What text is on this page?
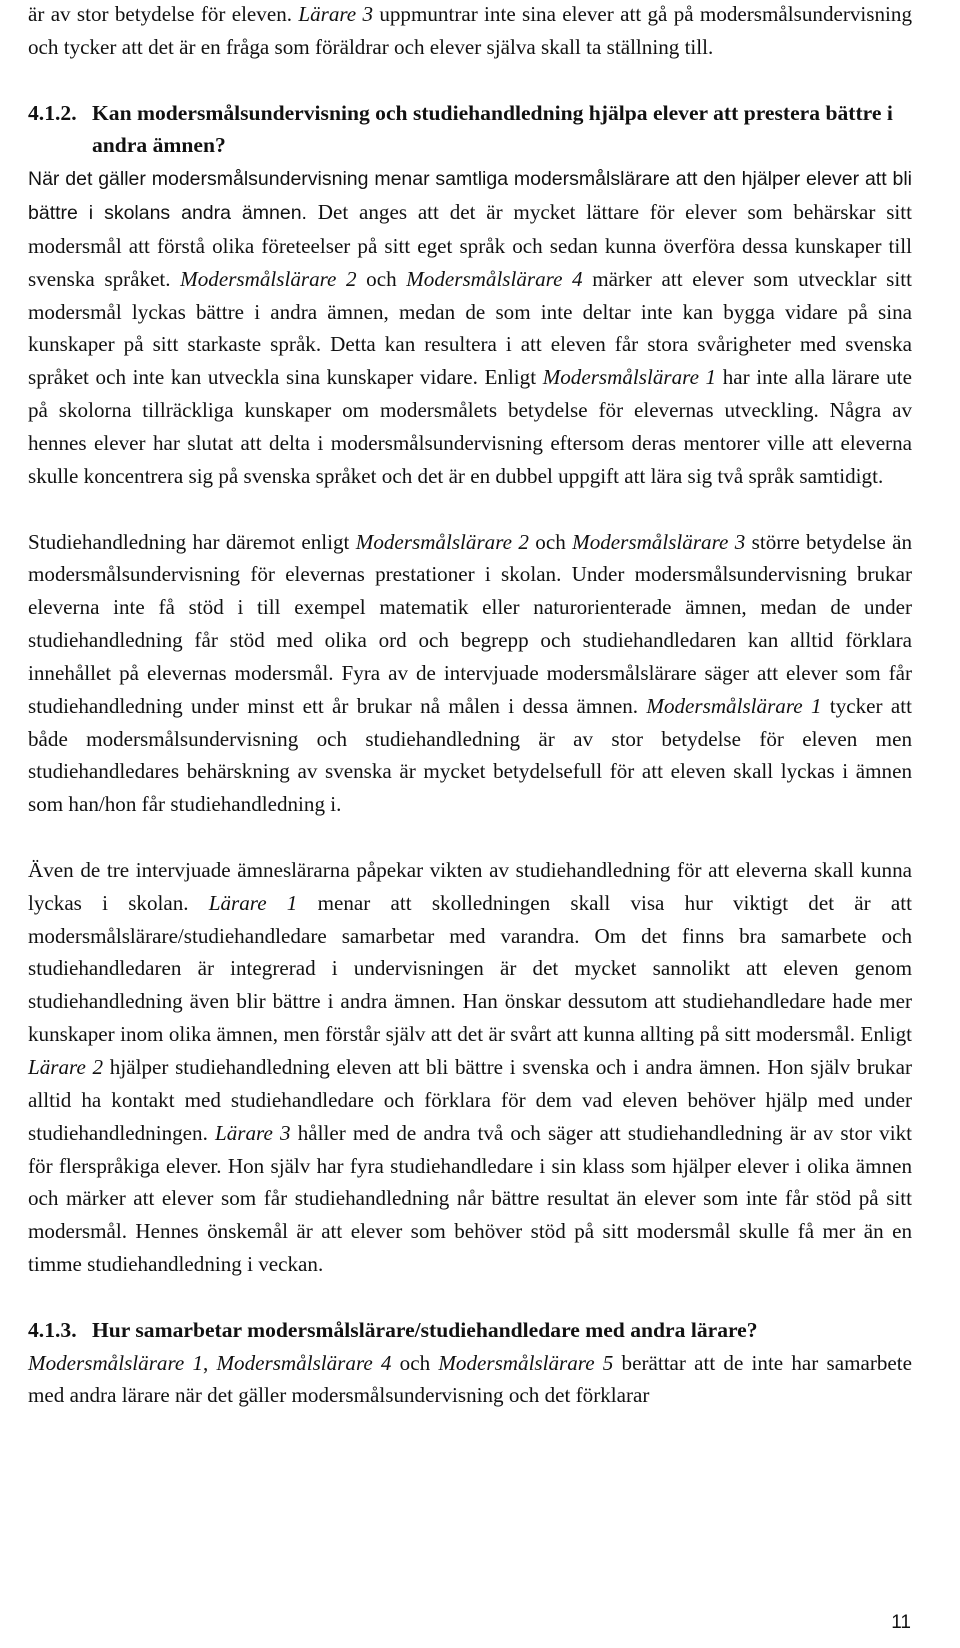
är av stor betydelse för eleven. Lärare 3 uppmuntrar inte sina elever att gå på modersmålsundervisning och tycker att det är en fråga som föräldrar och elever själva skall ta ställning till.

4.1.2. Kan modersmålsundervisning och studiehandledning hjälpa elever att prestera bättre i andra ämnen?

När det gäller modersmålsundervisning menar samtliga modersmålslärare att den hjälper elever att bli bättre i skolans andra ämnen. Det anges att det är mycket lättare för elever som behärskar sitt modersmål att förstå olika företeelser på sitt eget språk och sedan kunna överföra dessa kunskaper till svenska språket. Modersmålslärare 2 och Modersmålslärare 4 märker att elever som utvecklar sitt modersmål lyckas bättre i andra ämnen, medan de som inte deltar inte kan bygga vidare på sina kunskaper på sitt starkaste språk. Detta kan resultera i att eleven får stora svårigheter med svenska språket och inte kan utveckla sina kunskaper vidare. Enligt Modersmålslärare 1 har inte alla lärare ute på skolorna tillräckliga kunskaper om modersmålets betydelse för elevernas utveckling. Några av hennes elever har slutat att delta i modersmålsundervisning eftersom deras mentorer ville att eleverna skulle koncentrera sig på svenska språket och det är en dubbel uppgift att lära sig två språk samtidigt.

Studiehandledning har däremot enligt Modersmålslärare 2 och Modersmålslärare 3 större betydelse än modersmålsundervisning för elevernas prestationer i skolan. Under modersmålsundervisning brukar eleverna inte få stöd i till exempel matematik eller naturorienterade ämnen, medan de under studiehandledning får stöd med olika ord och begrepp och studiehandledaren kan alltid förklara innehållet på elevernas modersmål. Fyra av de intervjuade modersmålslärare säger att elever som får studiehandledning under minst ett år brukar nå målen i dessa ämnen. Modersmålslärare 1 tycker att både modersmålsundervisning och studiehandledning är av stor betydelse för eleven men studiehandledares behärskning av svenska är mycket betydelsefull för att eleven skall lyckas i ämnen som han/hon får studiehandledning i.

Även de tre intervjuade ämneslärarna påpekar vikten av studiehandledning för att eleverna skall kunna lyckas i skolan. Lärare 1 menar att skolledningen skall visa hur viktigt det är att modersmålslärare/studiehandledare samarbetar med varandra. Om det finns bra samarbete och studiehandledaren är integrerad i undervisningen är det mycket sannolikt att eleven genom studiehandledning även blir bättre i andra ämnen. Han önskar dessutom att studiehandledare hade mer kunskaper inom olika ämnen, men förstår själv att det är svårt att kunna allting på sitt modersmål. Enligt Lärare 2 hjälper studiehandledning eleven att bli bättre i svenska och i andra ämnen. Hon själv brukar alltid ha kontakt med studiehandledare och förklara för dem vad eleven behöver hjälp med under studiehandledningen. Lärare 3 håller med de andra två och säger att studiehandledning är av stor vikt för flerspråkiga elever. Hon själv har fyra studiehandledare i sin klass som hjälper elever i olika ämnen och märker att elever som får studiehandledning når bättre resultat än elever som inte får stöd på sitt modersmål. Hennes önskemål är att elever som behöver stöd på sitt modersmål skulle få mer än en timme studiehandledning i veckan.

4.1.3. Hur samarbetar modersmålslärare/studiehandledare med andra lärare?

Modersmålslärare 1, Modersmålslärare 4 och Modersmålslärare 5 berättar att de inte har samarbete med andra lärare när det gäller modersmålsundervisning och det förklarar

11
